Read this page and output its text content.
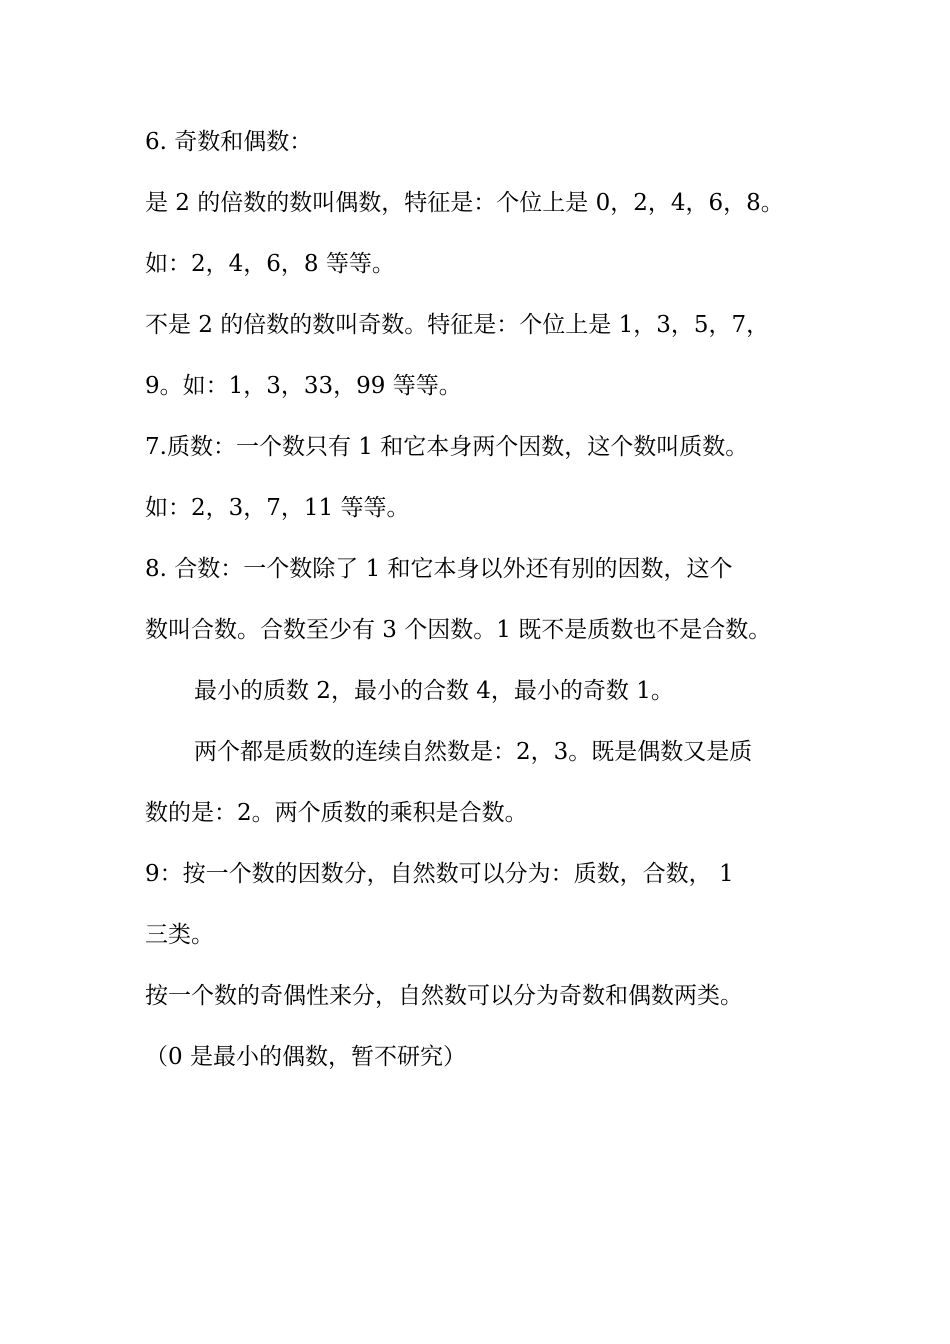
6. 奇数和偶数：

是 2 的倍数的数叫偶数，特征是：个位上是 0，2，4，6，8。
如：2，4，6，8 等等。

不是 2 的倍数的数叫奇数。特征是：个位上是 1，3，5，7，
9。如：1，3，33，99 等等。

7.质数：一个数只有 1 和它本身两个因数，这个数叫质数。
如：2，3，7，11 等等。

8. 合数：一个数除了 1 和它本身以外还有别的因数，这个
数叫合数。合数至少有 3 个因数。1 既不是质数也不是合数。

最小的质数 2，最小的合数 4，最小的奇数 1。

两个都是质数的连续自然数是：2，3。既是偶数又是质
数的是：2。两个质数的乘积是合数。

9：按一个数的因数分，自然数可以分为：质数，合数， 1
三类。

按一个数的奇偶性来分，自然数可以分为奇数和偶数两类。
（0 是最小的偶数，暂不研究）
